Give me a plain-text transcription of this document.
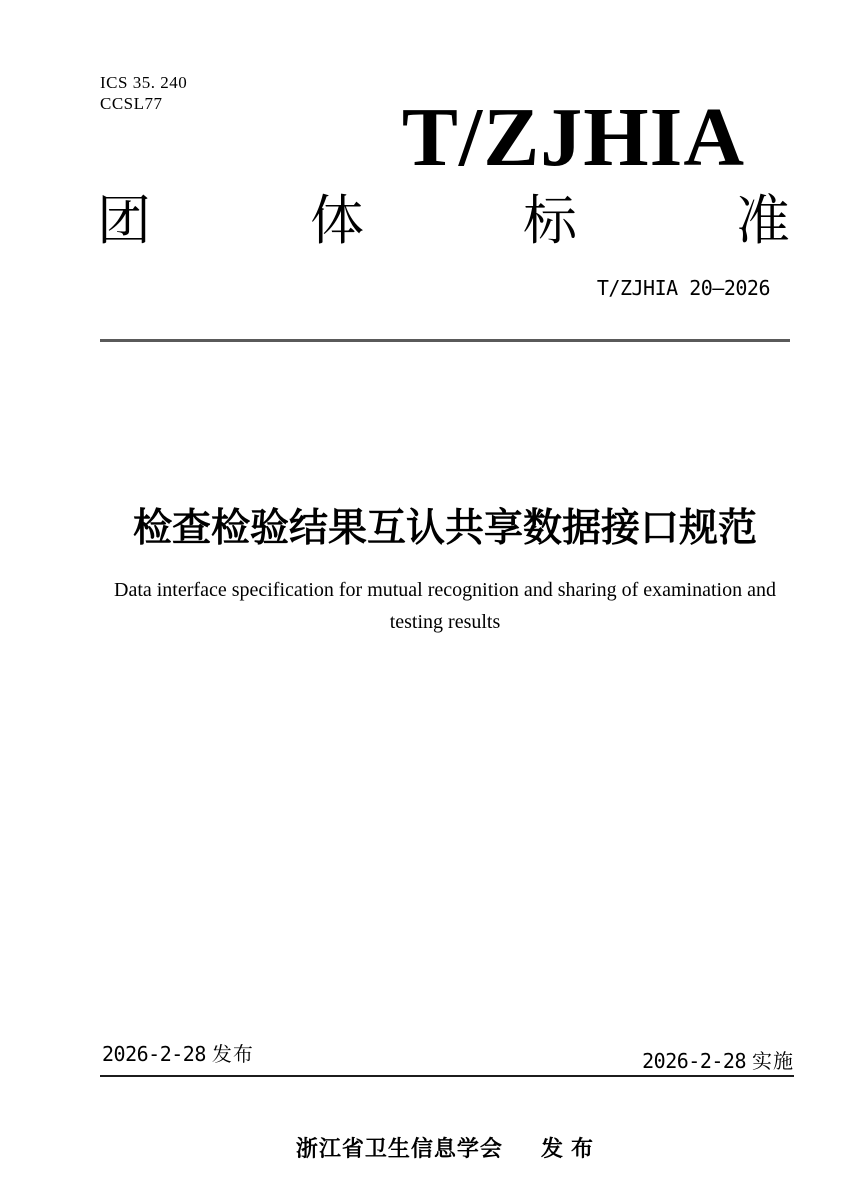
ICS 35. 240
CCSL77	T/ZJHIA
团	体	标	准
T/ZJHIA 20—2026
检查检验结果互认共享数据接口规范
Data interface specification for mutual recognition and sharing of examination and
testing results
2026-2-28 发布	2026-2-28 实施
浙江省卫生信息学会 发 布
